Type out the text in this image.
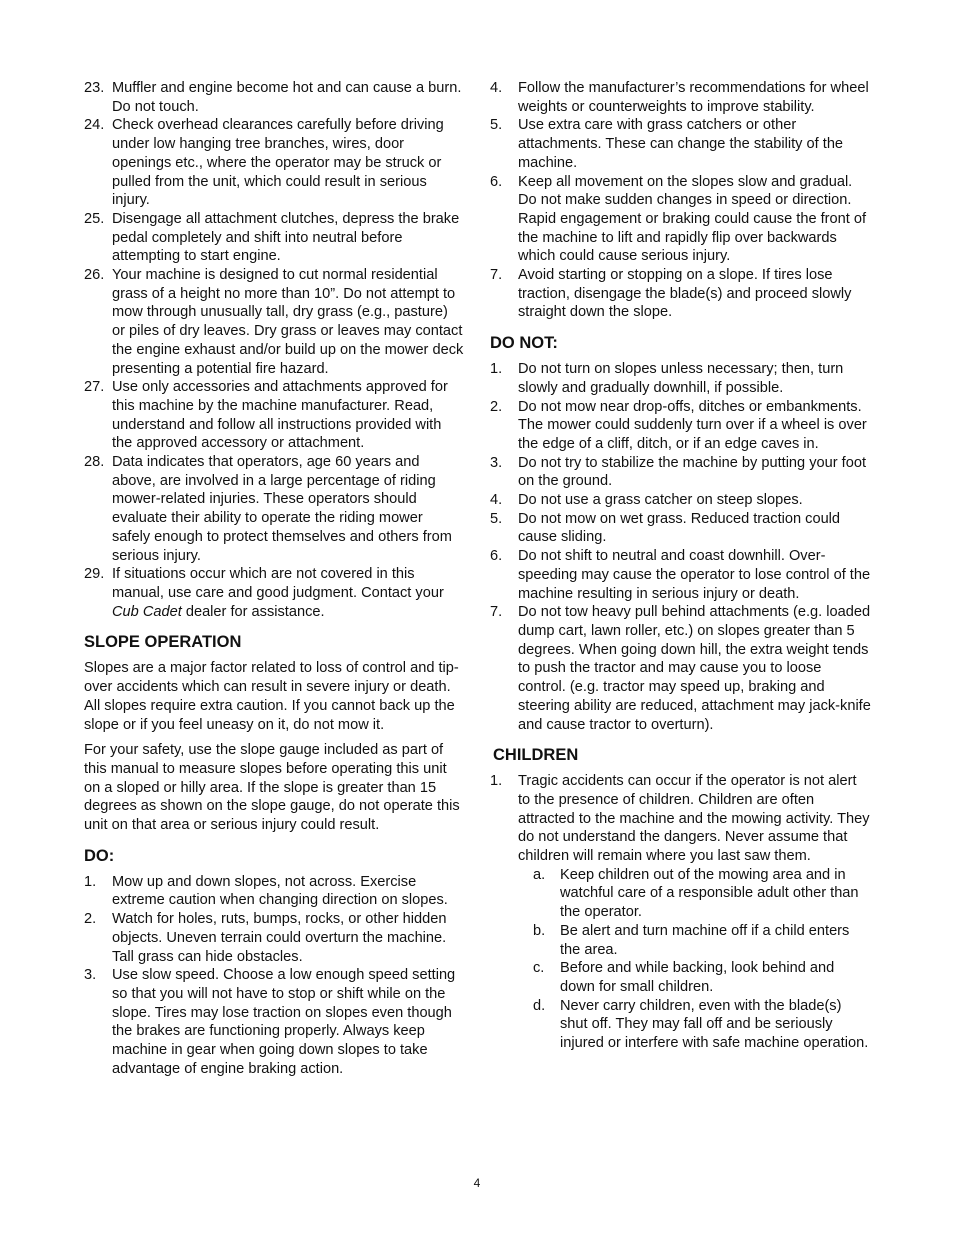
23. Muffler and engine become hot and can cause a burn. Do not touch.
24. Check overhead clearances carefully before driving under low hanging tree branches, wires, door openings etc., where the operator may be struck or pulled from the unit, which could result in serious injury.
25. Disengage all attachment clutches, depress the brake pedal completely and shift into neutral before attempting to start engine.
26. Your machine is designed to cut normal residential grass of a height no more than 10”. Do not attempt to mow through unusually tall, dry grass (e.g., pasture) or piles of dry leaves. Dry grass or leaves may contact the engine exhaust and/or build up on the mower deck presenting a potential fire hazard.
27. Use only accessories and attachments approved for this machine by the machine manufacturer. Read, understand and follow all instructions provided with the approved accessory or attachment.
28. Data indicates that operators, age 60 years and above, are involved in a large percentage of riding mower-related injuries. These operators should evaluate their ability to operate the riding mower safely enough to protect themselves and others from serious injury.
29. If situations occur which are not covered in this manual, use care and good judgment. Contact your Cub Cadet dealer for assistance.
SLOPE OPERATION

Slopes are a major factor related to loss of control and tip-over accidents which can result in severe injury or death. All slopes require extra caution. If you cannot back up the slope or if you feel uneasy on it, do not mow it.

For your safety, use the slope gauge included as part of this manual to measure slopes before operating this unit on a sloped or hilly area. If the slope is greater than 15 degrees as shown on the slope gauge, do not operate this unit on that area or serious injury could result.

DO:
1.	Mow up and down slopes, not across. Exercise extreme caution when changing direction on slopes.
2.	Watch for holes, ruts, bumps, rocks, or other hidden objects. Uneven terrain could overturn the machine. Tall grass can hide obstacles.
3.	Use slow speed. Choose a low enough speed setting so that you will not have to stop or shift while on the slope. Tires may lose traction on slopes even though the brakes are functioning properly. Always keep machine in gear when going down slopes to take advantage of engine braking action.
4.	Follow the manufacturer’s recommendations for wheel weights or counterweights to improve stability.
5.	Use extra care with grass catchers or other attachments. These can change the stability of the machine.
6.	Keep all movement on the slopes slow and gradual. Do not make sudden changes in speed or direction. Rapid engagement or braking could cause the front of the machine to lift and rapidly flip over backwards which could cause serious injury.
7.	Avoid starting or stopping on a slope. If tires lose traction, disengage the blade(s) and proceed slowly straight down the slope.
DO NOT:
1.	Do not turn on slopes unless necessary; then, turn slowly and gradually downhill, if possible.
2.	Do not mow near drop-offs, ditches or embankments. The mower could suddenly turn over if a wheel is over the edge of a cliff, ditch, or if an edge caves in.
3.	Do not try to stabilize the machine by putting your foot on the ground.
4.	Do not use a grass catcher on steep slopes.
5.	Do not mow on wet grass. Reduced traction could cause sliding.
6.	Do not shift to neutral and coast downhill. Over-speeding may cause the operator to lose control of the machine resulting in serious injury or death.
7.	Do not tow heavy pull behind attachments (e.g. loaded dump cart, lawn roller, etc.) on slopes greater than 5 degrees. When going down hill, the extra weight tends to push the tractor and may cause you to loose control. (e.g. tractor may speed up, braking and steering ability are reduced, attachment may jack-knife and cause tractor to overturn).
CHILDREN
1.	Tragic accidents can occur if the operator is not alert to the presence of children. Children are often attracted to the machine and the mowing activity. They do not understand the dangers. Never assume that children will remain where you last saw them.
a.	Keep children out of the mowing area and in watchful care of a responsible adult other than the operator.
b.	Be alert and turn machine off if a child enters the area.
c.	Before and while backing, look behind and down for small children.
d.	Never carry children, even with the blade(s) shut off. They may fall off and be seriously injured or interfere with safe machine operation.
4
